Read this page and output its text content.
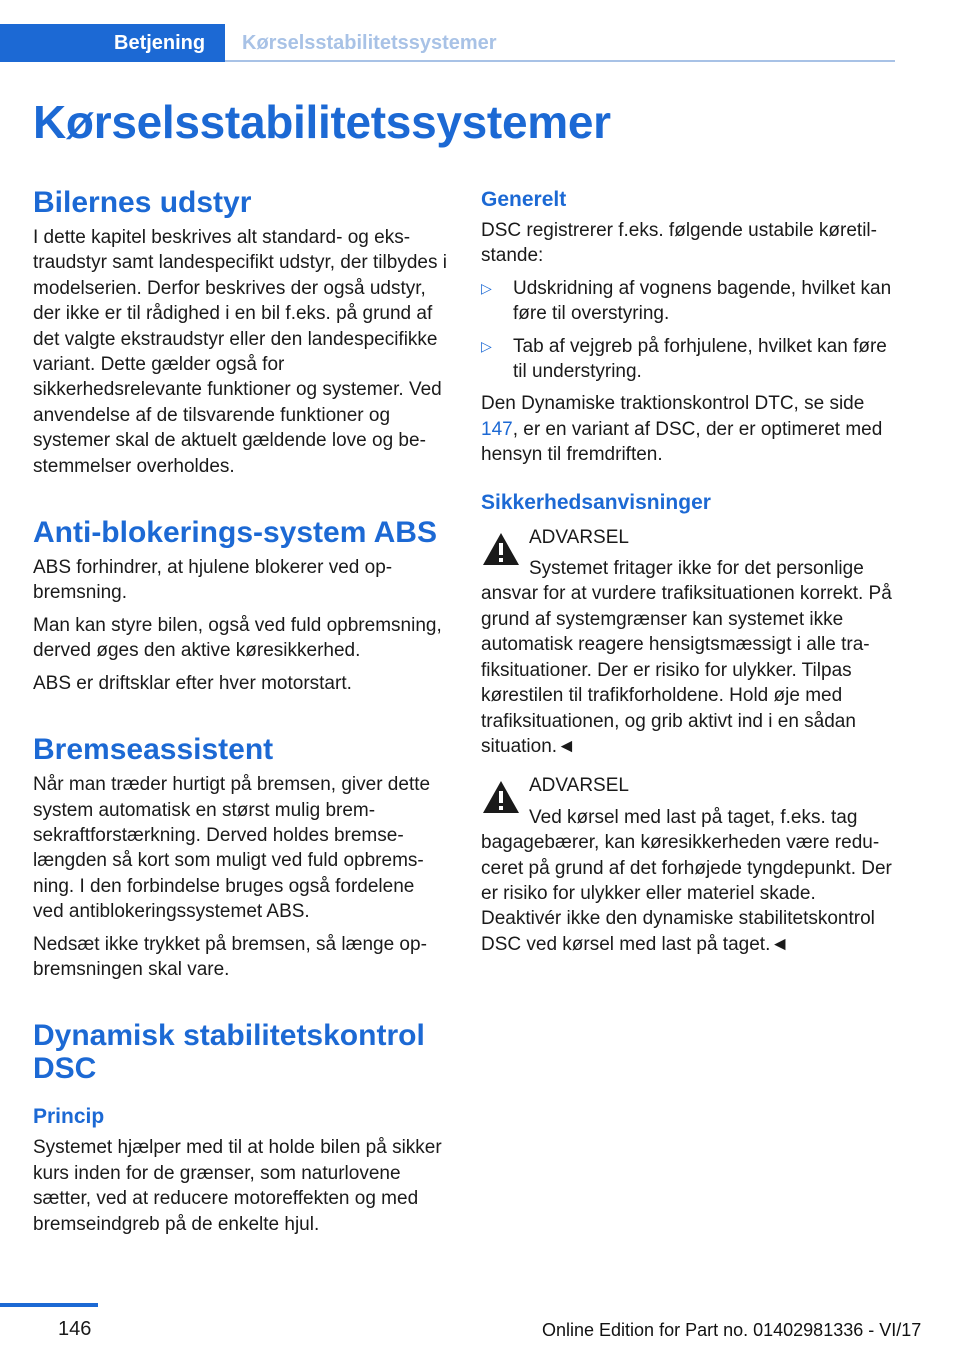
Betjening	Kørselsstabilitetssystemer
Kørselsstabilitetssystemer
Bilernes udstyr

I dette kapitel beskrives alt standard- og ekstraudstyr samt landespecifikt udstyr, der tilbydes i modelserien. Derfor beskrives der også udstyr, der ikke er til rådighed i en bil f.eks. på grund af det valgte ekstraudstyr eller den landespecifikke variant. Dette gælder også for sikkerhedsrelevante funktioner og systemer. Ved anvendelse af de tilsvarende funktioner og systemer skal de aktuelt gældende love og bestemmelser overholdes.

Anti-blokerings-system ABS

ABS forhindrer, at hjulene blokerer ved opbremsning.

Man kan styre bilen, også ved fuld opbremsning, derved øges den aktive køresikkerhed.

ABS er driftsklar efter hver motorstart.

Bremseassistent

Når man træder hurtigt på bremsen, giver dette system automatisk en størst mulig bremsekraftforstærkning. Derved holdes bremselængden så kort som muligt ved fuld opbremsning. I den forbindelse bruges også fordelene ved antiblokeringssystemet ABS.

Nedsæt ikke trykket på bremsen, så længe opbremsningen skal vare.

Dynamisk stabilitetskontrol DSC
Princip

Systemet hjælper med til at holde bilen på sikker kurs inden for de grænser, som naturlovene sætter, ved at reducere motoreffekten og med bremseindgreb på de enkelte hjul.

Generelt

DSC registrerer f.eks. følgende ustabile køretilstande:

▷ Udskridning af vognens bagende, hvilket kan føre til overstyring.
▷ Tab af vejgreb på forhjulene, hvilket kan føre til understyring.

Den Dynamiske traktionskontrol DTC, se side 147, er en variant af DSC, der er optimeret med hensyn til fremdriften.

Sikkerhedsanvisninger
ADVARSEL
Systemet fritager ikke for det personlige
ansvar for at vurdere trafiksituationen korrekt. På grund af systemgrænser kan systemet ikke automatisk reagere hensigtsmæssigt i alle trafiksituationer. Der er risiko for ulykker. Tilpas kørestilen til trafikforholdene. Hold øje med trafiksituationen, og grib aktivt ind i en sådan situation.◄
ADVARSEL
Ved kørsel med last på taget, f.eks. tag
bagagebærer, kan køresikkerheden være reduceret på grund af det forhøjede tyngdepunkt. Der er risiko for ulykker eller materiel skade. Deaktivér ikke den dynamiske stabilitetskontrol DSC ved kørsel med last på taget.◄
146	Online Edition for Part no. 01402981336 - VI/17
